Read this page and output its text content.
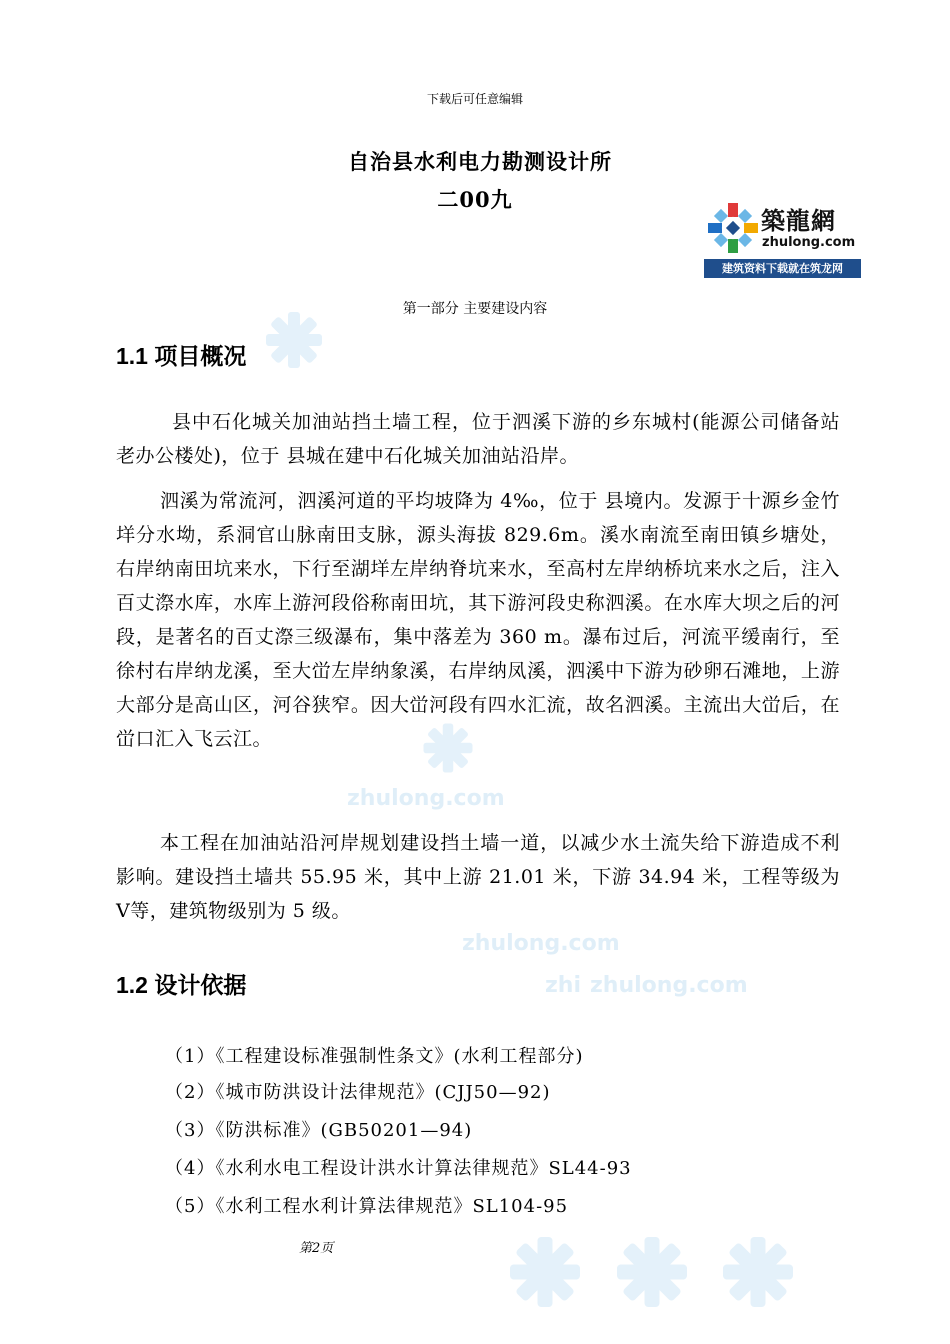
zhulong.com
zhulong.com
zhi zhulong.com
下载后可任意编辑
自治县水利电力勘测设计所
二00九
築龍網
zhulong.com
建筑资料下载就在筑龙网
第一部分 主要建设内容
1.1 项目概况
县中石化城关加油站挡土墙工程，位于泗溪下游的乡东城村(能源公司储备站老办公楼处)，位于 县城在建中石化城关加油站沿岸。
泗溪为常流河，泗溪河道的平均坡降为 4‰，位于 县境内。发源于十源乡金竹垟分水坳，系洞官山脉南田支脉，源头海拔 829.6m。溪水南流至南田镇乡塘处，右岸纳南田坑来水，下行至湖垟左岸纳脊坑来水，至高村左岸纳桥坑来水之后，注入百丈漈水库，水库上游河段俗称南田坑，其下游河段史称泗溪。在水库大坝之后的河段，是著名的百丈漈三级瀑布，集中落差为 360 m。瀑布过后，河流平缓南行，至徐村右岸纳龙溪，至大峃左岸纳象溪，右岸纳凤溪，泗溪中下游为砂卵石滩地，上游大部分是高山区，河谷狭窄。因大峃河段有四水汇流，故名泗溪。主流出大峃后，在峃口汇入飞云江。
本工程在加油站沿河岸规划建设挡土墙一道，以减少水土流失给下游造成不利影响。建设挡土墙共 55.95 米，其中上游 21.01 米，下游 34.94 米，工程等级为Ⅴ等，建筑物级别为 5 级。
1.2 设计依据
（1）《工程建设标准强制性条文》(水利工程部分)
（2）《城市防洪设计法律规范》(CJJ50—92)
（3）《防洪标准》(GB50201—94)
（4）《水利水电工程设计洪水计算法律规范》SL44-93
（5）《水利工程水利计算法律规范》SL104-95
第2页
